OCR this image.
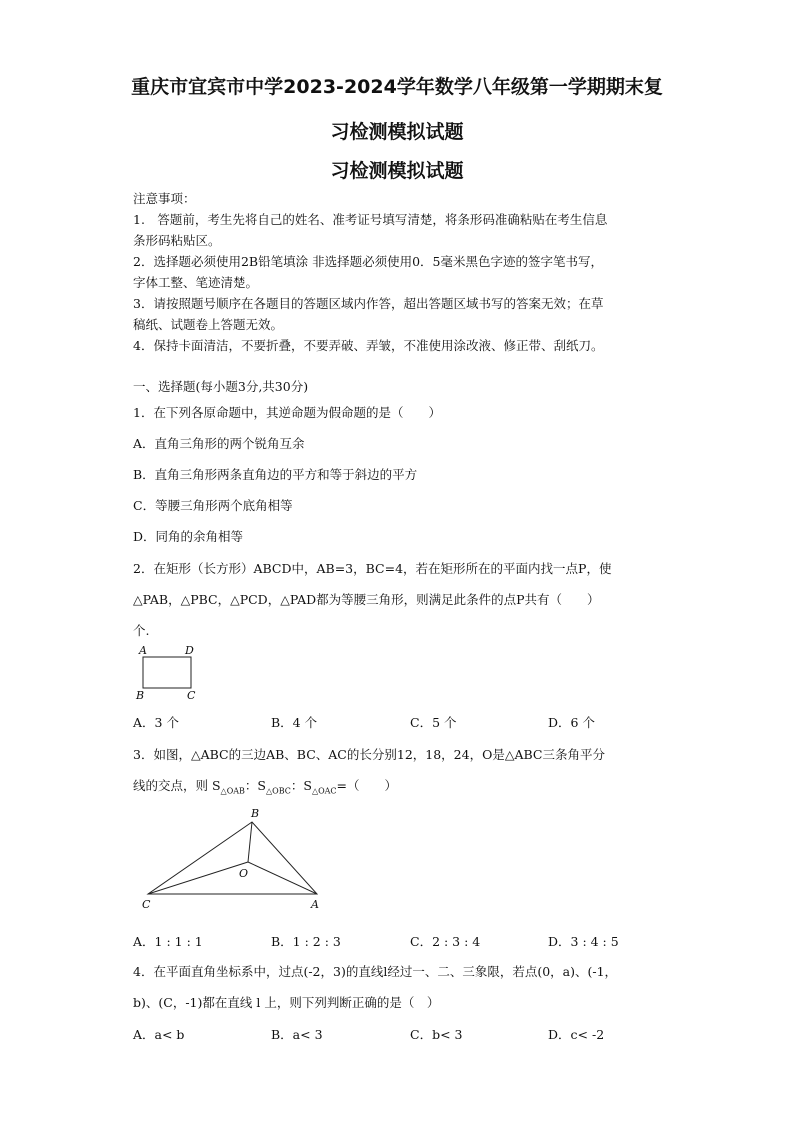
重庆市宜宾市中学2023-2024学年数学八年级第一学期期末复
习检测模拟试题
习检测模拟试题
注意事项：
1.　答题前，考生先将自己的姓名、准考证号填写清楚，将条形码准确粘贴在考生信息
条形码粘贴区。
2．选择题必须使用2B铅笔填涂 非选择题必须使用0．5毫米黑色字迹的签字笔书写，
字体工整、笔迹清楚。
3．请按照题号顺序在各题目的答题区域内作答，超出答题区域书写的答案无效；在草
稿纸、试题卷上答题无效。
4．保持卡面清洁，不要折叠，不要弄破、弄皱，不准使用涂改液、修正带、刮纸刀。
一、选择题(每小题3分,共30分)
1．在下列各原命题中，其逆命题为假命题的是（　　）
A．直角三角形的两个锐角互余
B．直角三角形两条直角边的平方和等于斜边的平方
C．等腰三角形两个底角相等
D．同角的余角相等
2．在矩形（长方形）ABCD中，AB=3，BC=4，若在矩形所在的平面内找一点P，使
△PAB，△PBC，△PCD，△PAD都为等腰三角形，则满足此条件的点P共有（　　）
个.
A	D
B	C
A．3 个	B．4 个	C．5 个	D．6 个
3．如图，△ABC的三边AB、BC、AC的长分别12，18，24，O是△ABC三条角平分
线的交点，则 $S_{\triangle OAB}$：$S_{\triangle OBC}$：$S_{\triangle OAC}=$（　　）
B
O
C	A
A．1 : 1 : 1	B．1 : 2 : 3	C．2 : 3 : 4	D．3 : 4 : 5
4．在平面直角坐标系中，过点(-2，3)的直线l经过一、二、三象限，若点(0，a)、(-1，
b)、(C，-1)都在直线 l 上，则下列判断正确的是（　）
A．a< b	B．a< 3	C．b< 3	D．c< -2
